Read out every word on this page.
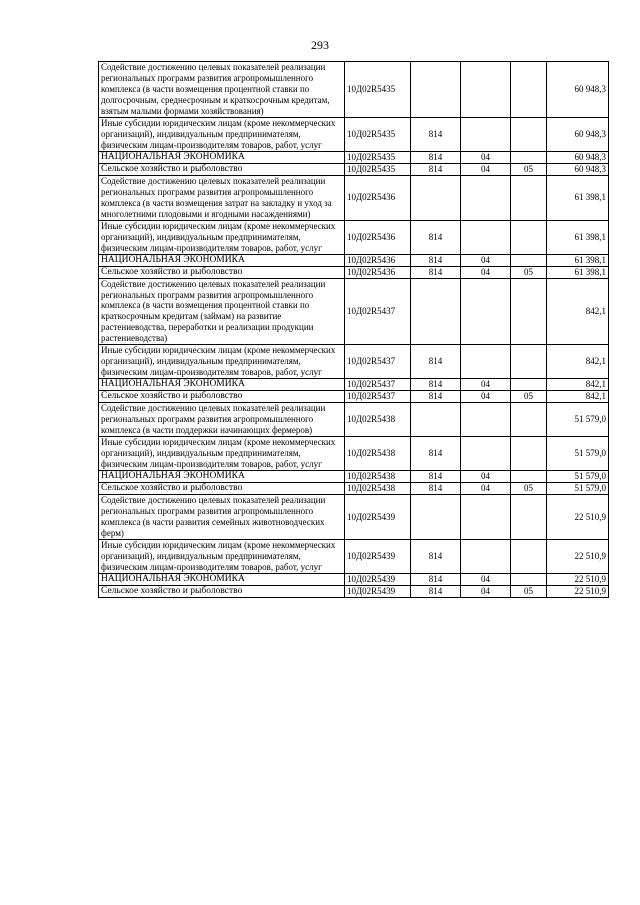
293
Содействие достижению целевых показателей реализации региональных программ развития агропромышленного комплекса (в части возмещения процентной ставки по долгосрочным, среднесрочным и краткосрочным кредитам, взятым малыми формами хозяйствования)	10Д02R5435				60 948,3
Иные субсидии юридическим лицам (кроме некоммерческих организаций), индивидуальным предпринимателям, физическим лицам-производителям товаров, работ, услуг	10Д02R5435	814			60 948,3
НАЦИОНАЛЬНАЯ ЭКОНОМИКА	10Д02R5435	814	04		60 948,3
Сельское хозяйство и рыболовство	10Д02R5435	814	04	05	60 948,3
Содействие достижению целевых показателей реализации региональных программ развития агропромышленного комплекса (в части возмещения затрат на закладку и уход за многолетними плодовыми и ягодными насаждениями)	10Д02R5436				61 398,1
Иные субсидии юридическим лицам (кроме некоммерческих организаций), индивидуальным предпринимателям, физическим лицам-производителям товаров, работ, услуг	10Д02R5436	814			61 398,1
НАЦИОНАЛЬНАЯ ЭКОНОМИКА	10Д02R5436	814	04		61 398,1
Сельское хозяйство и рыболовство	10Д02R5436	814	04	05	61 398,1
Содействие достижению целевых показателей реализации региональных программ развития агропромышленного комплекса (в части возмещения процентной ставки по краткосрочным кредитам (займам) на развитие растениеводства, переработки и реализации продукции растениеводства)	10Д02R5437				842,1
Иные субсидии юридическим лицам (кроме некоммерческих организаций), индивидуальным предпринимателям, физическим лицам-производителям товаров, работ, услуг	10Д02R5437	814			842,1
НАЦИОНАЛЬНАЯ ЭКОНОМИКА	10Д02R5437	814	04		842,1
Сельское хозяйство и рыболовство	10Д02R5437	814	04	05	842,1
Содействие достижению целевых показателей реализации региональных программ развития агропромышленного комплекса (в части поддержки начинающих фермеров)	10Д02R5438				51 579,0
Иные субсидии юридическим лицам (кроме некоммерческих организаций), индивидуальным предпринимателям, физическим лицам-производителям товаров, работ, услуг	10Д02R5438	814			51 579,0
НАЦИОНАЛЬНАЯ ЭКОНОМИКА	10Д02R5438	814	04		51 579,0
Сельское хозяйство и рыболовство	10Д02R5438	814	04	05	51 579,0
Содействие достижению целевых показателей реализации региональных программ развития агропромышленного комплекса (в части развития семейных животноводческих ферм)	10Д02R5439				22 510,9
Иные субсидии юридическим лицам (кроме некоммерческих организаций), индивидуальным предпринимателям, физическим лицам-производителям товаров, работ, услуг	10Д02R5439	814			22 510,9
НАЦИОНАЛЬНАЯ ЭКОНОМИКА	10Д02R5439	814	04		22 510,9
Сельское хозяйство и рыболовство	10Д02R5439	814	04	05	22 510,9
